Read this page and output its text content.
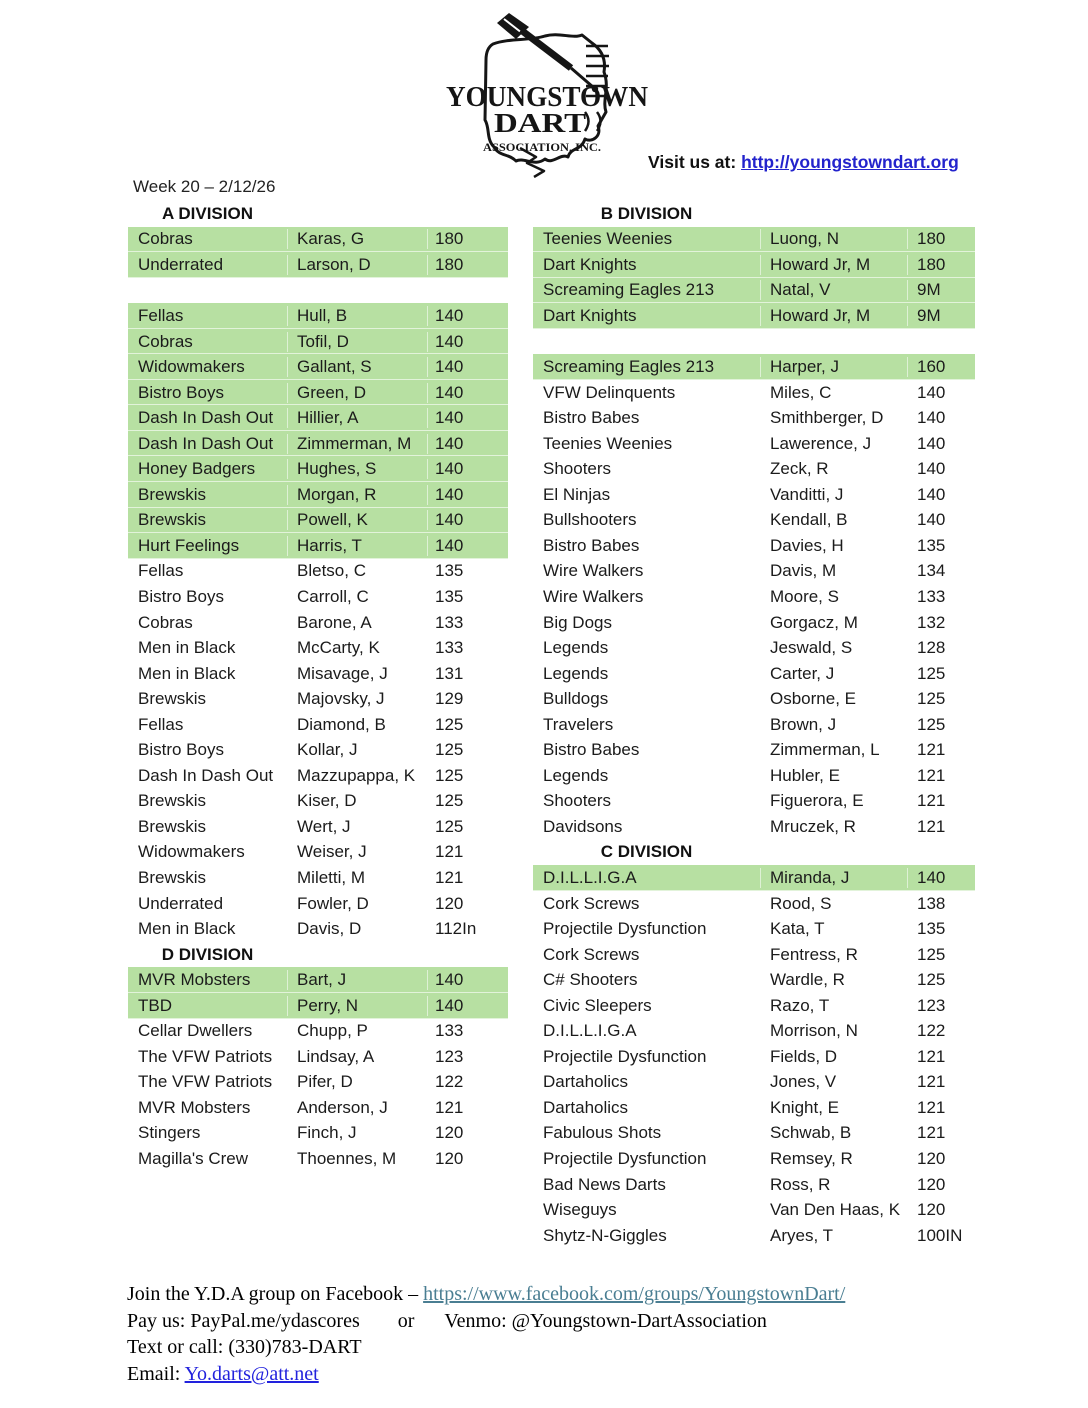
YOUNGSTOWN
DART
ASSOCIATION, INC.
Visit us at: http://youngstowndart.org
Week 20 – 2/12/26
A DIVISION
Cobras	Karas, G	180
Underrated	Larson, D	180
Fellas	Hull, B	140
Cobras	Tofil, D	140
Widowmakers	Gallant, S	140
Bistro Boys	Green, D	140
Dash In Dash Out	Hillier, A	140
Dash In Dash Out	Zimmerman, M	140
Honey Badgers	Hughes, S	140
Brewskis	Morgan, R	140
Brewskis	Powell, K	140
Hurt Feelings	Harris, T	140
Fellas	Bletso, C	135
Bistro Boys	Carroll, C	135
Cobras	Barone, A	133
Men in Black	McCarty, K	133
Men in Black	Misavage, J	131
Brewskis	Majovsky, J	129
Fellas	Diamond, B	125
Bistro Boys	Kollar, J	125
Dash In Dash Out	Mazzupappa, K	125
Brewskis	Kiser, D	125
Brewskis	Wert, J	125
Widowmakers	Weiser, J	121
Brewskis	Miletti, M	121
Underrated	Fowler, D	120
Men in Black	Davis, D	112In
D DIVISION
MVR Mobsters	Bart, J	140
TBD	Perry, N	140
Cellar Dwellers	Chupp, P	133
The VFW Patriots	Lindsay, A	123
The VFW Patriots	Pifer, D	122
MVR Mobsters	Anderson, J	121
Stingers	Finch, J	120
Magilla's Crew	Thoennes, M	120
B DIVISION
Teenies Weenies	Luong, N	180
Dart Knights	Howard Jr, M	180
Screaming Eagles 213	Natal, V	9M
Dart Knights	Howard Jr, M	9M
Screaming Eagles 213	Harper, J	160
VFW Delinquents	Miles, C	140
Bistro Babes	Smithberger, D	140
Teenies Weenies	Lawerence, J	140
Shooters	Zeck, R	140
El Ninjas	Vanditti, J	140
Bullshooters	Kendall, B	140
Bistro Babes	Davies, H	135
Wire Walkers	Davis, M	134
Wire Walkers	Moore, S	133
Big Dogs	Gorgacz, M	132
Legends	Jeswald, S	128
Legends	Carter, J	125
Bulldogs	Osborne, E	125
Travelers	Brown, J	125
Bistro Babes	Zimmerman, L	121
Legends	Hubler, E	121
Shooters	Figuerora, E	121
Davidsons	Mruczek, R	121
C DIVISION
D.I.L.L.I.G.A	Miranda, J	140
Cork Screws	Rood, S	138
Projectile Dysfunction	Kata, T	135
Cork Screws	Fentress, R	125
C# Shooters	Wardle, R	125
Civic Sleepers	Razo, T	123
D.I.L.L.I.G.A	Morrison, N	122
Projectile Dysfunction	Fields, D	121
Dartaholics	Jones, V	121
Dartaholics	Knight, E	121
Fabulous Shots	Schwab, B	121
Projectile Dysfunction	Remsey, R	120
Bad News Darts	Ross, R	120
Wiseguys	Van Den Haas, K 120
Shytz-N-Giggles	Aryes, T	100IN
Join the Y.D.A group on Facebook – https://www.facebook.com/groups/YoungstownDart/
Pay us: PayPal.me/ydascores or Venmo: @Youngstown-DartAssociation
Text or call: (330)783-DART
Email: Yo.darts@att.net
